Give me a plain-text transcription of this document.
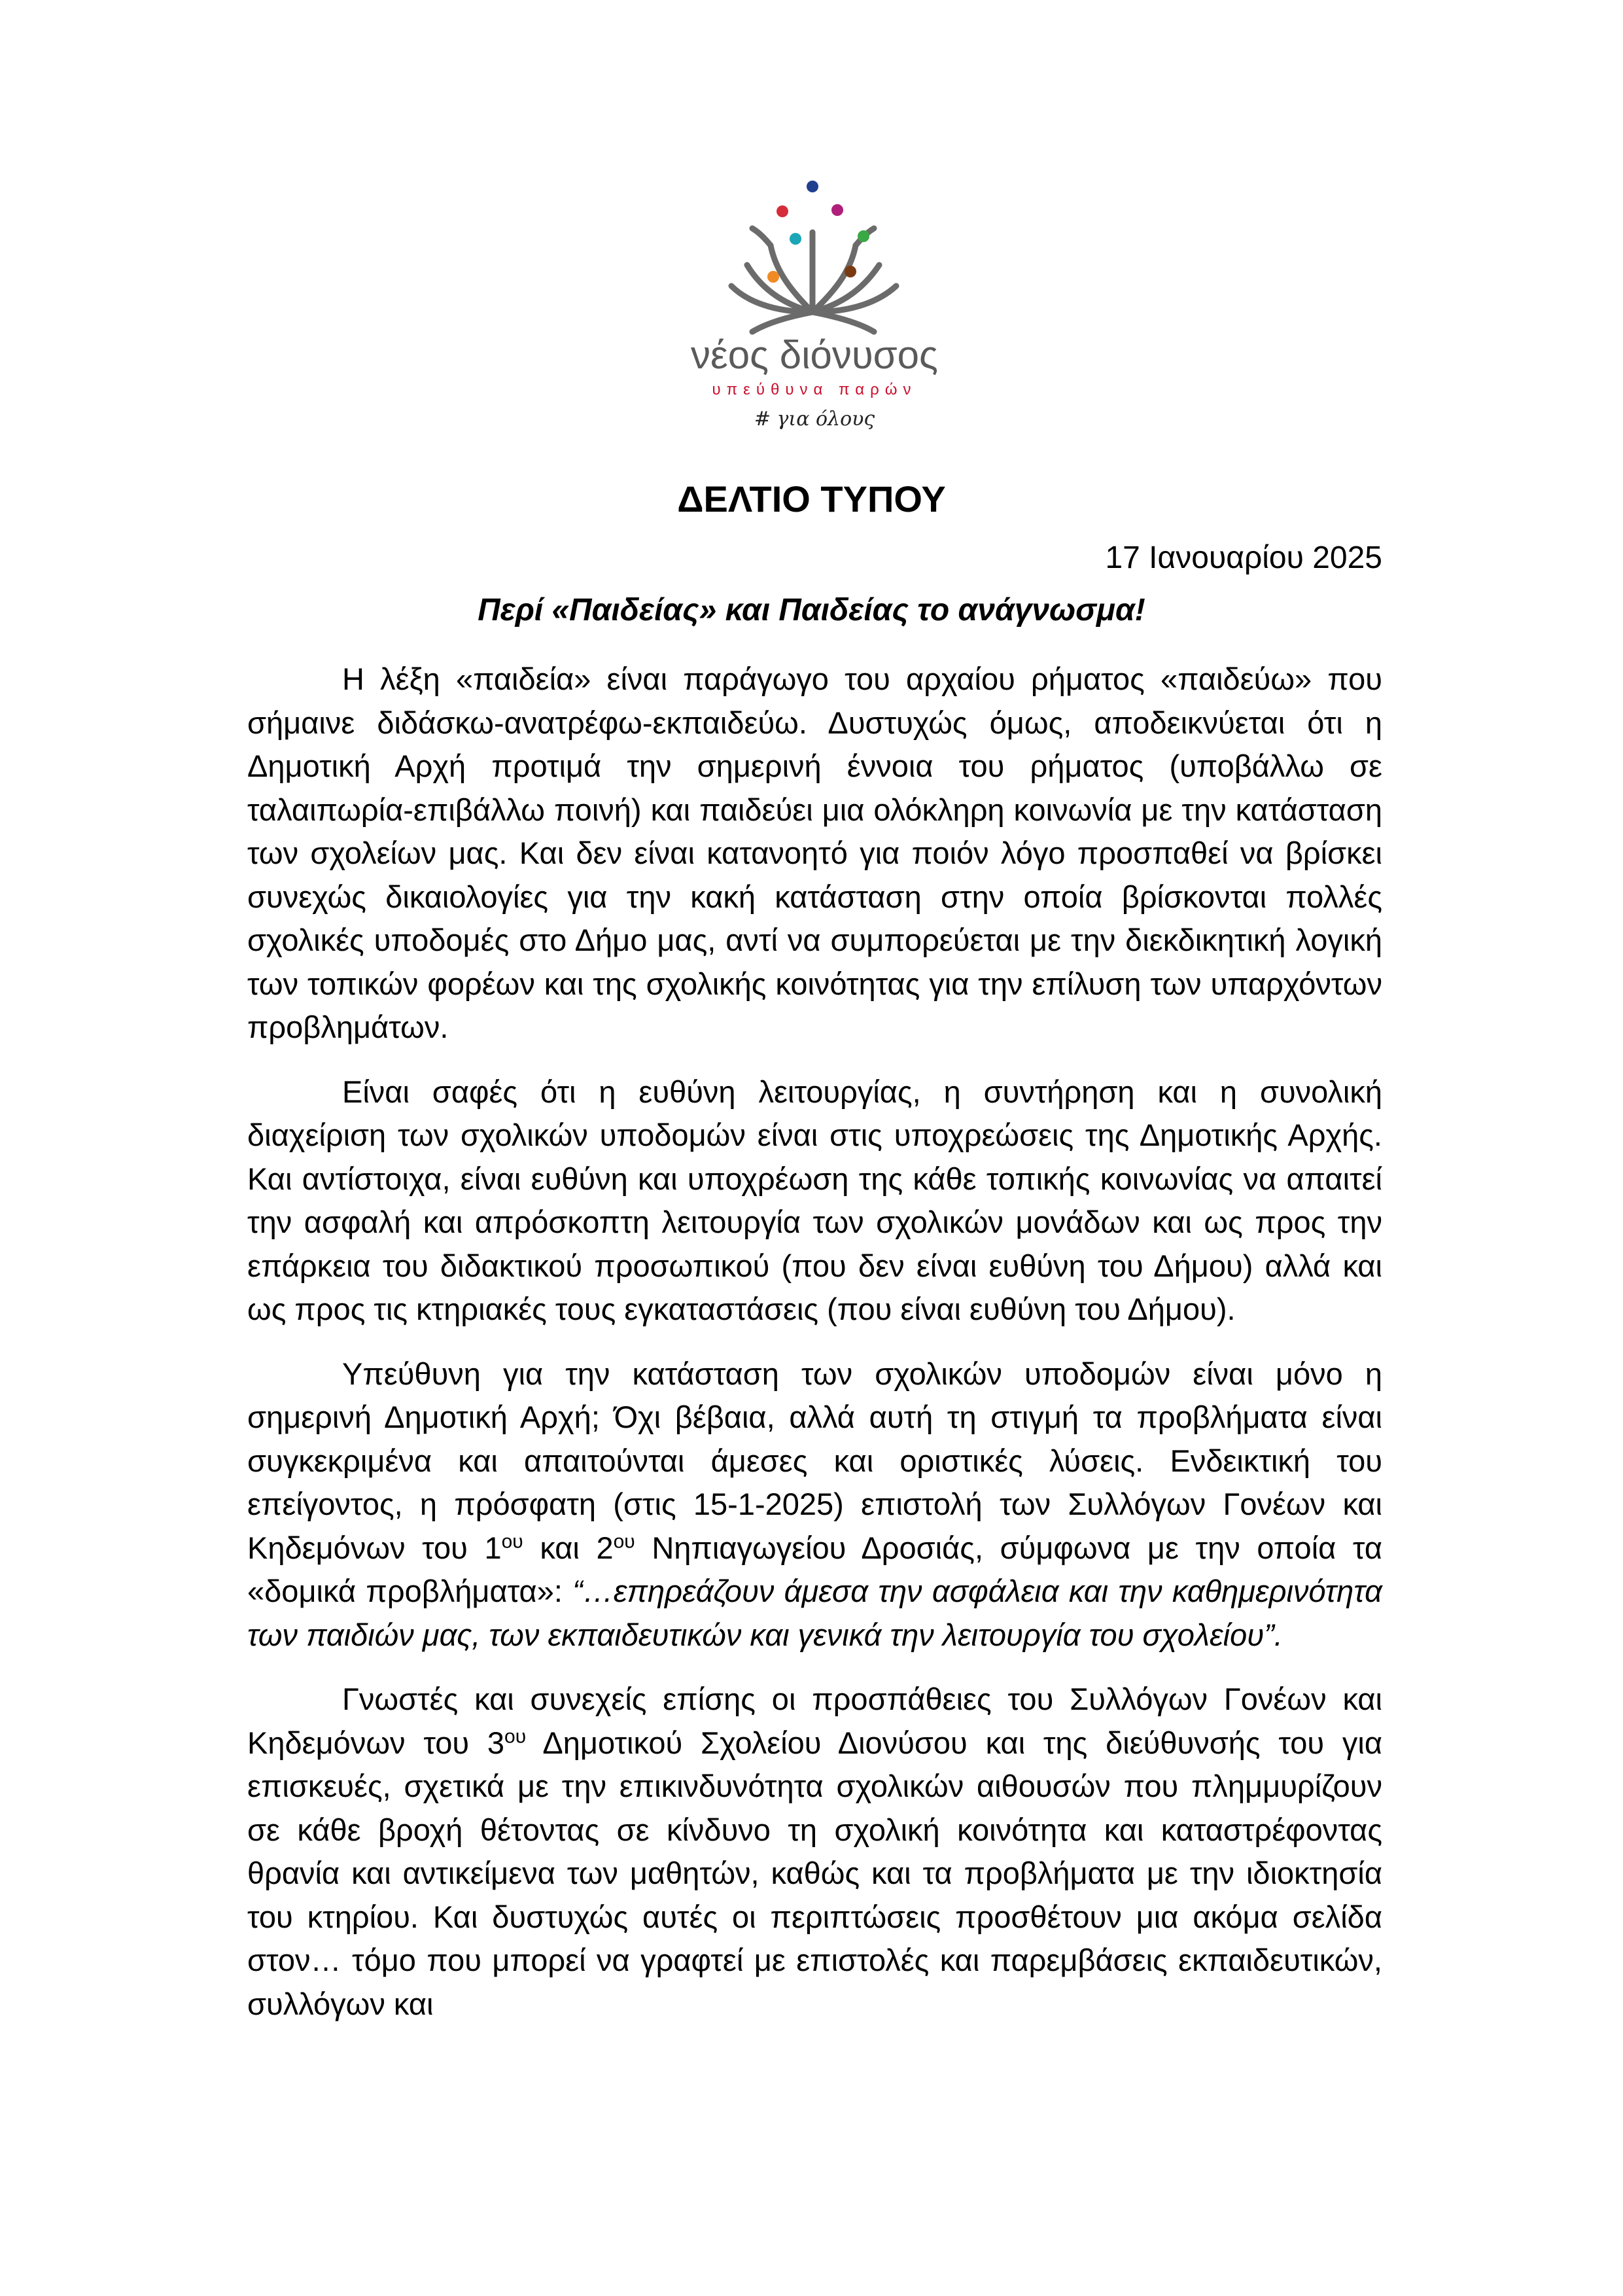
νέος διόνυσος
υπεύθυνα παρών
# για όλους
ΔΕΛΤΙΟ ΤΥΠΟΥ
17 Ιανουαρίου 2025
Περί «Παιδείας» και Παιδείας το ανάγνωσμα!

Η λέξη «παιδεία» είναι παράγωγο του αρχαίου ρήματος «παιδεύω» που σήμαινε διδάσκω-ανατρέφω-εκπαιδεύω. Δυστυχώς όμως, αποδεικνύεται ότι η Δημοτική Αρχή προτιμά την σημερινή έννοια του ρήματος (υποβάλλω σε ταλαιπωρία-επιβάλλω ποινή) και παιδεύει μια ολόκληρη κοινωνία με την κατάσταση των σχολείων μας. Και δεν είναι κατανοητό για ποιόν λόγο προσπαθεί να βρίσκει συνεχώς δικαιολογίες για την κακή κατάσταση στην οποία βρίσκονται πολλές σχολικές υποδομές στο Δήμο μας, αντί να συμπορεύεται με την διεκδικητική λογική των τοπικών φορέων και της σχολικής κοινότητας για την επίλυση των υπαρχόντων προβλημάτων.

Είναι σαφές ότι η ευθύνη λειτουργίας, η συντήρηση και η συνολική διαχείριση των σχολικών υποδομών είναι στις υποχρεώσεις της Δημοτικής Αρχής. Και αντίστοιχα, είναι ευθύνη και υποχρέωση της κάθε τοπικής κοινωνίας να απαιτεί την ασφαλή και απρόσκοπτη λειτουργία των σχολικών μονάδων και ως προς την επάρκεια του διδακτικού προσωπικού (που δεν είναι ευθύνη του Δήμου) αλλά και ως προς τις κτηριακές τους εγκαταστάσεις (που είναι ευθύνη του Δήμου).

Υπεύθυνη για την κατάσταση των σχολικών υποδομών είναι μόνο η σημερινή Δημοτική Αρχή; Όχι βέβαια, αλλά αυτή τη στιγμή τα προβλήματα είναι συγκεκριμένα και απαιτούνται άμεσες και οριστικές λύσεις. Ενδεικτική του επείγοντος, η πρόσφατη (στις 15-1-2025) επιστολή των Συλλόγων Γονέων και Κηδεμόνων του $1^{o\upsilon}$ και $2^{o\upsilon}$ Νηπιαγωγείου Δροσιάς, σύμφωνα με την οποία τα «δομικά προβλήματα»: “…επηρεάζουν άμεσα την ασφάλεια και την καθημερινότητα των παιδιών μας, των εκπαιδευτικών και γενικά την λειτουργία του σχολείου”.

Γνωστές και συνεχείς επίσης οι προσπάθειες του Συλλόγων Γονέων και Κηδεμόνων του $3^{o\upsilon}$ Δημοτικού Σχολείου Διονύσου και της διεύθυνσής του για επισκευές, σχετικά με την επικινδυνότητα σχολικών αιθουσών που πλημμυρίζουν σε κάθε βροχή θέτοντας σε κίνδυνο τη σχολική κοινότητα και καταστρέφοντας θρανία και αντικείμενα των μαθητών, καθώς και τα προβλήματα με την ιδιοκτησία του κτηρίου. Και δυστυχώς αυτές οι περιπτώσεις προσθέτουν μια ακόμα σελίδα στον… τόμο που μπορεί να γραφτεί με επιστολές και παρεμβάσεις εκπαιδευτικών, συλλόγων και
